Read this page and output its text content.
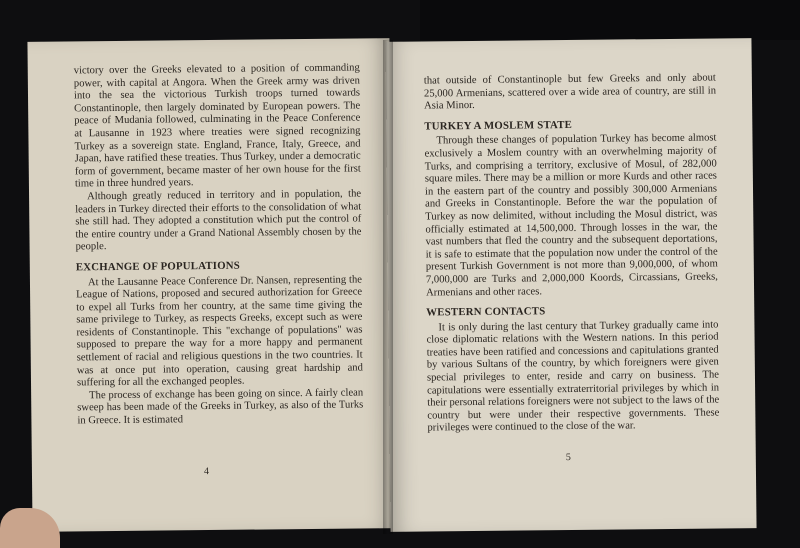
victory over the Greeks elevated to a position of commanding power, with capital at Angora. When the Greek army was driven into the sea the victorious Turkish troops turned towards Constantinople, then largely dominated by European powers. The peace of Mudania followed, culminating in the Peace Conference at Lausanne in 1923 where treaties were signed recognizing Turkey as a sovereign state. England, France, Italy, Greece, and Japan, have ratified these treaties. Thus Turkey, under a democratic form of government, became master of her own house for the first time in three hundred years.

Although greatly reduced in territory and in population, the leaders in Turkey directed their efforts to the consolidation of what she still had. They adopted a constitution which put the control of the entire country under a Grand National Assembly chosen by the people.

EXCHANGE OF POPULATIONS

At the Lausanne Peace Conference Dr. Nansen, representing the League of Nations, proposed and secured authorization for Greece to expel all Turks from her country, at the same time giving the same privilege to Turkey, as respects Greeks, except such as were residents of Constantinople. This "exchange of populations" was supposed to prepare the way for a more happy and permanent settlement of racial and religious questions in the two countries. It was at once put into operation, causing great hardship and suffering for all the exchanged peoples.

The process of exchange has been going on since. A fairly clean sweep has been made of the Greeks in Turkey, as also of the Turks in Greece. It is estimated

4

that outside of Constantinople but few Greeks and only about 25,000 Armenians, scattered over a wide area of country, are still in Asia Minor.

TURKEY A MOSLEM STATE

Through these changes of population Turkey has become almost exclusively a Moslem country with an overwhelming majority of Turks, and comprising a territory, exclusive of Mosul, of 282,000 square miles. There may be a million or more Kurds and other races in the eastern part of the country and possibly 300,000 Armenians and Greeks in Constantinople. Before the war the population of Turkey as now delimited, without including the Mosul district, was officially estimated at 14,500,000. Through losses in the war, the vast numbers that fled the country and the subsequent deportations, it is safe to estimate that the population now under the control of the present Turkish Government is not more than 9,000,000, of whom 7,000,000 are Turks and 2,000,000 Koords, Circassians, Greeks, Armenians and other races.

WESTERN CONTACTS

It is only during the last century that Turkey gradually came into close diplomatic relations with the Western nations. In this period treaties have been ratified and concessions and capitulations granted by various Sultans of the country, by which foreigners were given special privileges to enter, reside and carry on business. The capitulations were essentially extraterritorial privileges by which in their personal relations foreigners were not subject to the laws of the country but were under their respective governments. These privileges were continued to the close of the war.

5
